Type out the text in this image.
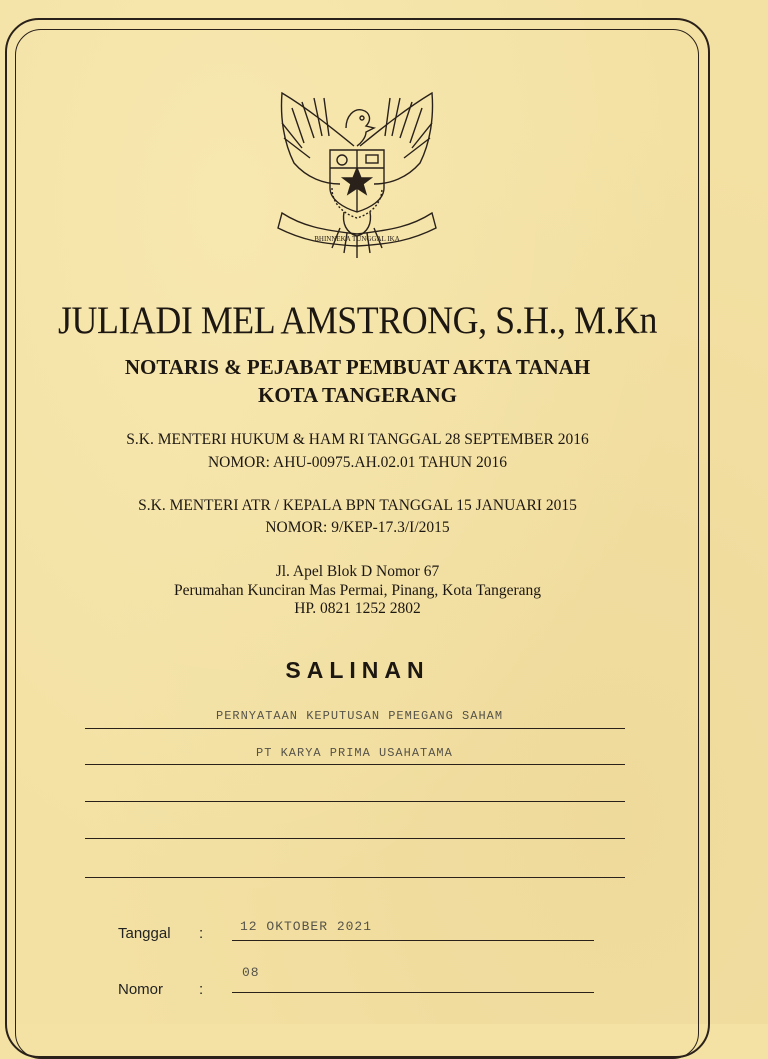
BHINNEKA TUNGGAL IKA
JULIADI MEL AMSTRONG, S.H., M.Kn
NOTARIS & PEJABAT PEMBUAT AKTA TANAH
KOTA TANGERANG
S.K. MENTERI HUKUM & HAM RI TANGGAL 28 SEPTEMBER 2016
NOMOR: AHU-00975.AH.02.01 TAHUN 2016
S.K. MENTERI ATR / KEPALA BPN TANGGAL 15 JANUARI 2015
NOMOR: 9/KEP-17.3/I/2015
Jl. Apel Blok D Nomor 67
Perumahan Kunciran Mas Permai, Pinang, Kota Tangerang
HP. 0821 1252 2802
SALINAN
PERNYATAAN KEPUTUSAN PEMEGANG SAHAM
PT KARYA PRIMA USAHATAMA
Tanggal :	12 OKTOBER 2021
Nomor :
08
